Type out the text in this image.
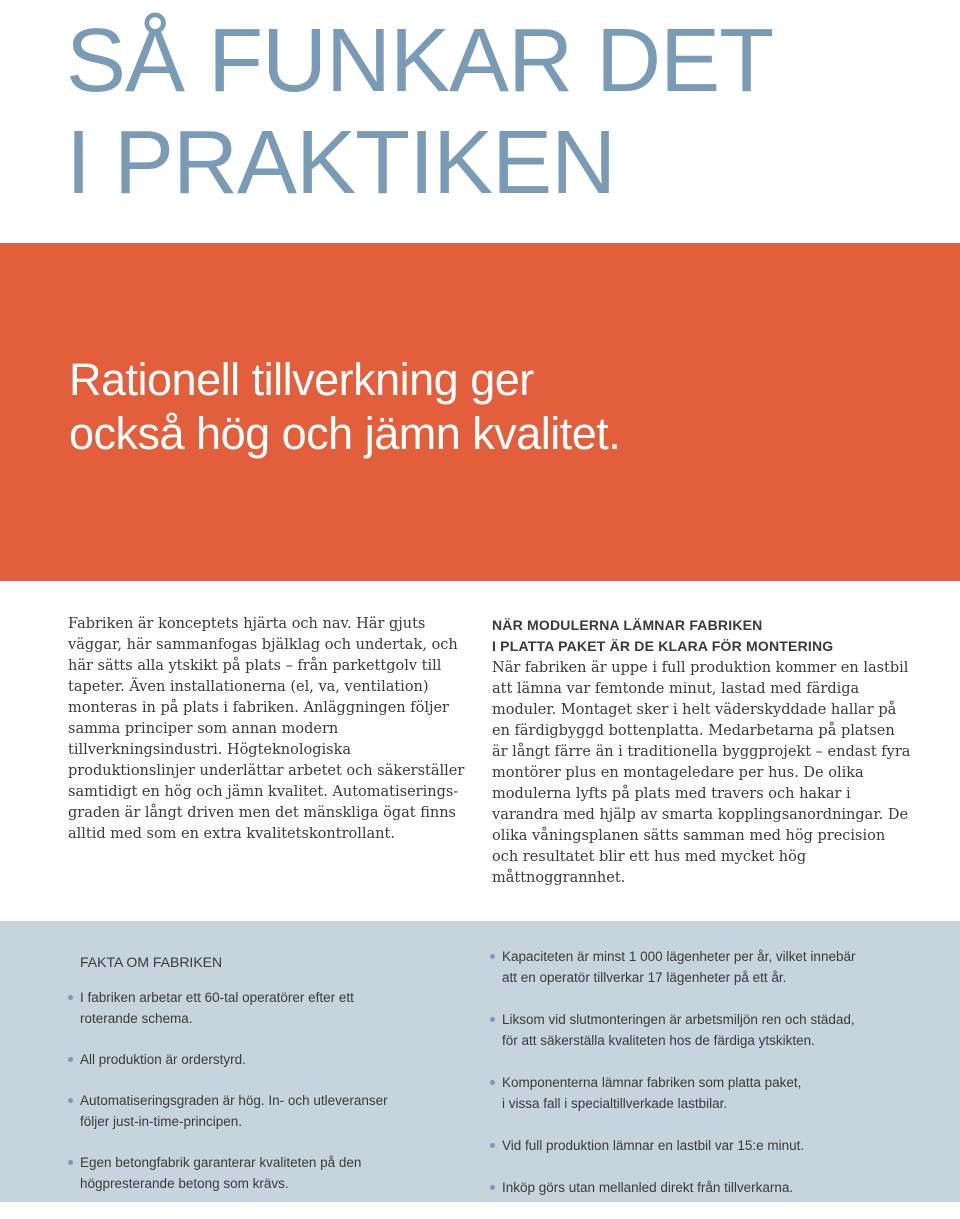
SÅ FUNKAR DET
I PRAKTIKEN
Rationell tillverkning ger
också hög och jämn kvalitet.

Fabriken är konceptets hjärta och nav. Här gjuts väggar, här sammanfogas bjälklag och undertak, och här sätts alla ytskikt på plats – från parkettgolv till tapeter. Även installationerna (el, va, ventilation) monteras in på plats i fabriken. Anläggningen följer samma principer som annan modern tillverkningsindustri. Högteknologiska produktionslinjer underlättar arbetet och säkerställer samtidigt en hög och jämn kvalitet. Automatiseringsgraden är långt driven men det mänskliga ögat finns alltid med som en extra kvalitetskontrollant.

NÄR MODULERNA LÄMNAR FABRIKEN
I PLATTA PAKET ÄR DE KLARA FÖR MONTERING

När fabriken är uppe i full produktion kommer en lastbil att lämna var femtonde minut, lastad med färdiga moduler. Montaget sker i helt väderskyddade hallar på en färdigbyggd bottenplatta. Medarbetarna på platsen är långt färre än i traditionella byggprojekt – endast fyra montörer plus en montageledare per hus. De olika modulerna lyfts på plats med travers och hakar i varandra med hjälp av smarta kopplingsanordningar. De olika våningsplanen sätts samman med hög precision och resultatet blir ett hus med mycket hög måttnoggrannhet.

FAKTA OM FABRIKEN
I fabriken arbetar ett 60-tal operatörer efter ett
roterande schema.
All produktion är orderstyrd.
Automatiseringsgraden är hög. In- och utleveranser
följer just-in-time-principen.
Egen betongfabrik garanterar kvaliteten på den
högpresterande betong som krävs.
Kapaciteten är minst 1 000 lägenheter per år, vilket innebär
att en operatör tillverkar 17 lägenheter på ett år.
Liksom vid slutmonteringen är arbetsmiljön ren och städad,
för att säkerställa kvaliteten hos de färdiga ytskikten.
Komponenterna lämnar fabriken som platta paket,
i vissa fall i specialtillverkade lastbilar.
Vid full produktion lämnar en lastbil var 15:e minut.
Inköp görs utan mellanled direkt från tillverkarna.
